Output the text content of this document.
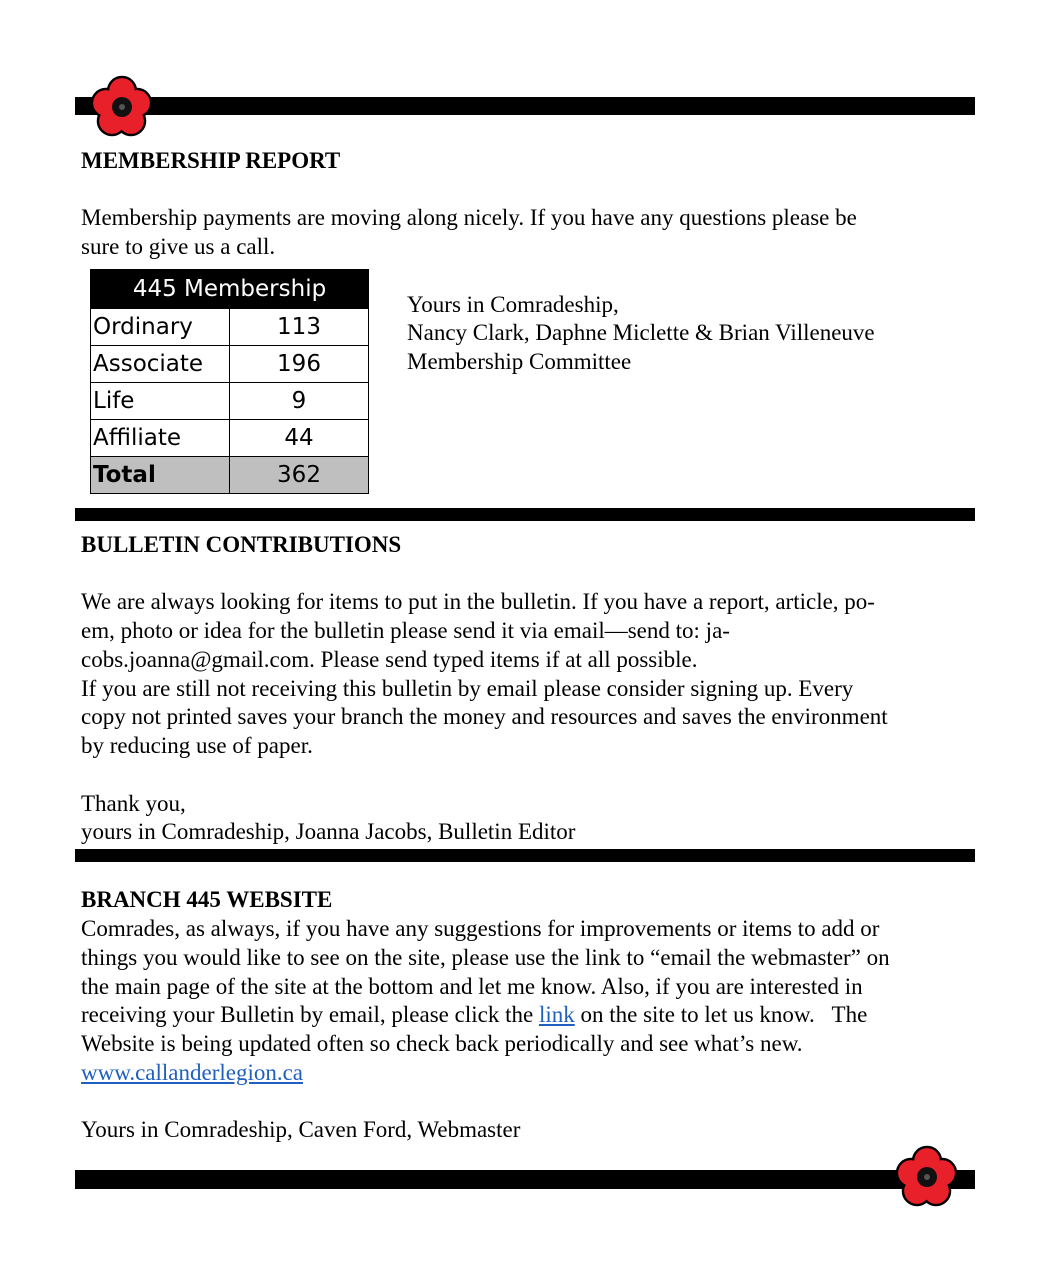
MEMBERSHIP REPORT
Membership payments are moving along nicely. If you have any questions please be
sure to give us a call.
445 Membership	
Ordinary	113
Associate	196
Life	9
Affiliate	44
Total	362
Yours in Comradeship,
Nancy Clark, Daphne Miclette & Brian Villeneuve
Membership Committee
BULLETIN CONTRIBUTIONS
We are always looking for items to put in the bulletin. If you have a report, article, po-
em, photo or idea for the bulletin please send it via email—send to: ja-
cobs.joanna@gmail.com. Please send typed items if at all possible.
If you are still not receiving this bulletin by email please consider signing up. Every
copy not printed saves your branch the money and resources and saves the environment
by reducing use of paper.
Thank you,
yours in Comradeship, Joanna Jacobs, Bulletin Editor
BRANCH 445 WEBSITE
Comrades, as always, if you have any suggestions for improvements or items to add or
things you would like to see on the site, please use the link to “email the webmaster” on
the main page of the site at the bottom and let me know. Also, if you are interested in
receiving your Bulletin by email, please click the link on the site to let us know.   The
Website is being updated often so check back periodically and see what’s new.
www.callanderlegion.ca
Yours in Comradeship, Caven Ford, Webmaster
